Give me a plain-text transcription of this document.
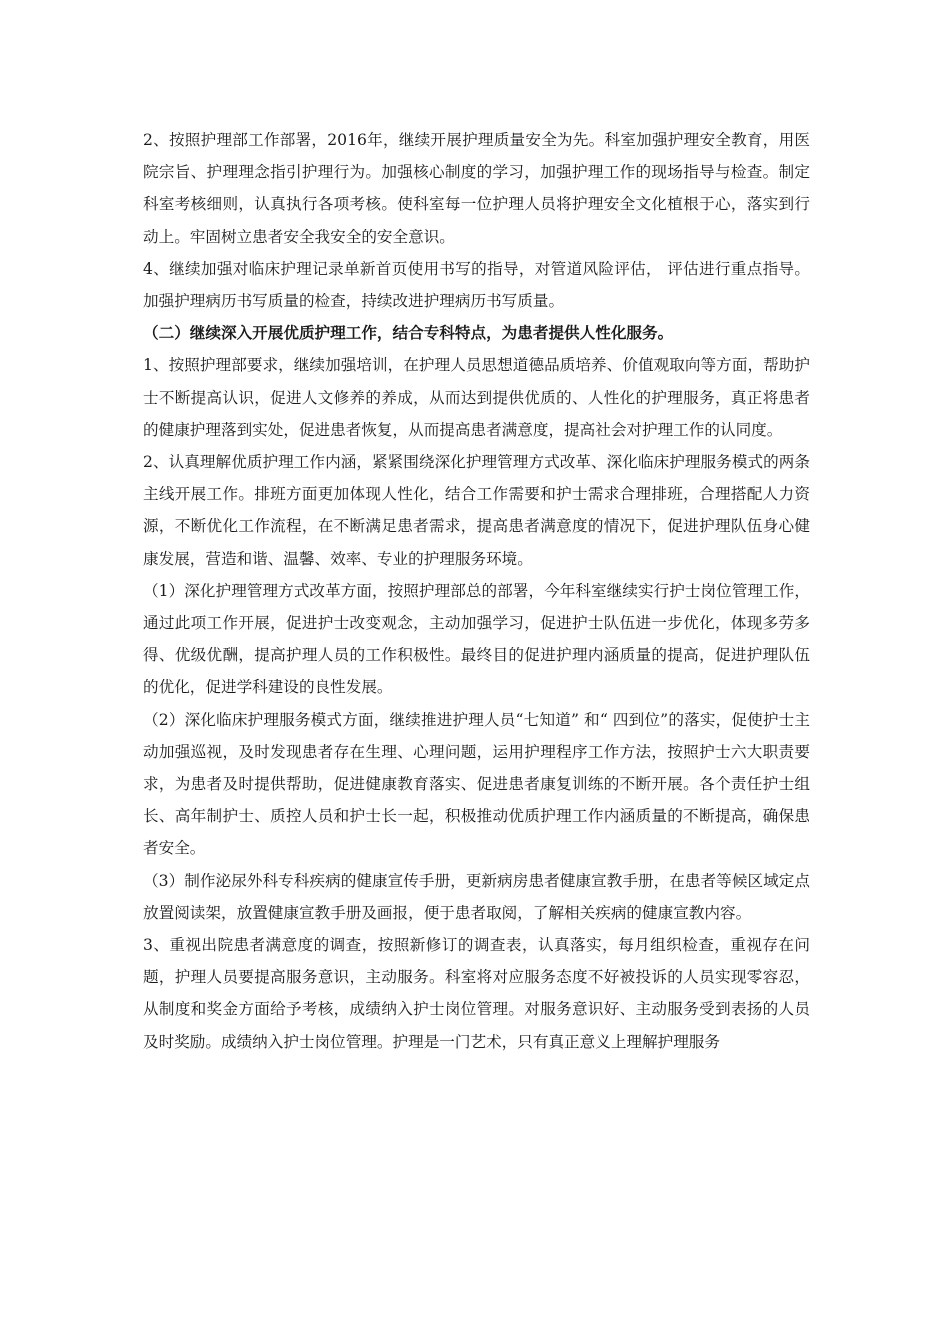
2、按照护理部工作部署，2016年，继续开展护理质量安全为先。科室加强护理安全教育，用医院宗旨、护理理念指引护理行为。加强核心制度的学习，加强护理工作的现场指导与检查。制定科室考核细则，认真执行各项考核。使科室每一位护理人员将护理安全文化植根于心，落实到行动上。牢固树立患者安全我安全的安全意识。

4、继续加强对临床护理记录单新首页使用书写的指导，对管道风险评估， 评估进行重点指导。加强护理病历书写质量的检查，持续改进护理病历书写质量。

（二）继续深入开展优质护理工作，结合专科特点，为患者提供人性化服务。

1、按照护理部要求，继续加强培训，在护理人员思想道德品质培养、价值观取向等方面，帮助护士不断提高认识，促进人文修养的养成，从而达到提供优质的、人性化的护理服务，真正将患者的健康护理落到实处，促进患者恢复，从而提高患者满意度，提高社会对护理工作的认同度。

2、认真理解优质护理工作内涵，紧紧围绕深化护理管理方式改革、深化临床护理服务模式的两条主线开展工作。排班方面更加体现人性化，结合工作需要和护士需求合理排班，合理搭配人力资源，不断优化工作流程，在不断满足患者需求，提高患者满意度的情况下，促进护理队伍身心健康发展，营造和谐、温馨、效率、专业的护理服务环境。

（1）深化护理管理方式改革方面，按照护理部总的部署，今年科室继续实行护士岗位管理工作，通过此项工作开展，促进护士改变观念，主动加强学习，促进护士队伍进一步优化，体现多劳多得、优级优酬，提高护理人员的工作积极性。最终目的促进护理内涵质量的提高，促进护理队伍的优化，促进学科建设的良性发展。

（2）深化临床护理服务模式方面，继续推进护理人员“七知道” 和“ 四到位”的落实，促使护士主动加强巡视，及时发现患者存在生理、心理问题，运用护理程序工作方法，按照护士六大职责要求，为患者及时提供帮助，促进健康教育落实、促进患者康复训练的不断开展。各个责任护士组长、高年制护士、质控人员和护士长一起，积极推动优质护理工作内涵质量的不断提高，确保患者安全。

（3）制作泌尿外科专科疾病的健康宣传手册，更新病房患者健康宣教手册，在患者等候区域定点放置阅读架，放置健康宣教手册及画报，便于患者取阅，了解相关疾病的健康宣教内容。

3、重视出院患者满意度的调查，按照新修订的调查表，认真落实，每月组织检查，重视存在问题，护理人员要提高服务意识，主动服务。科室将对应服务态度不好被投诉的人员实现零容忍，从制度和奖金方面给予考核，成绩纳入护士岗位管理。对服务意识好、主动服务受到表扬的人员及时奖励。成绩纳入护士岗位管理。护理是一门艺术，只有真正意义上理解护理服务
